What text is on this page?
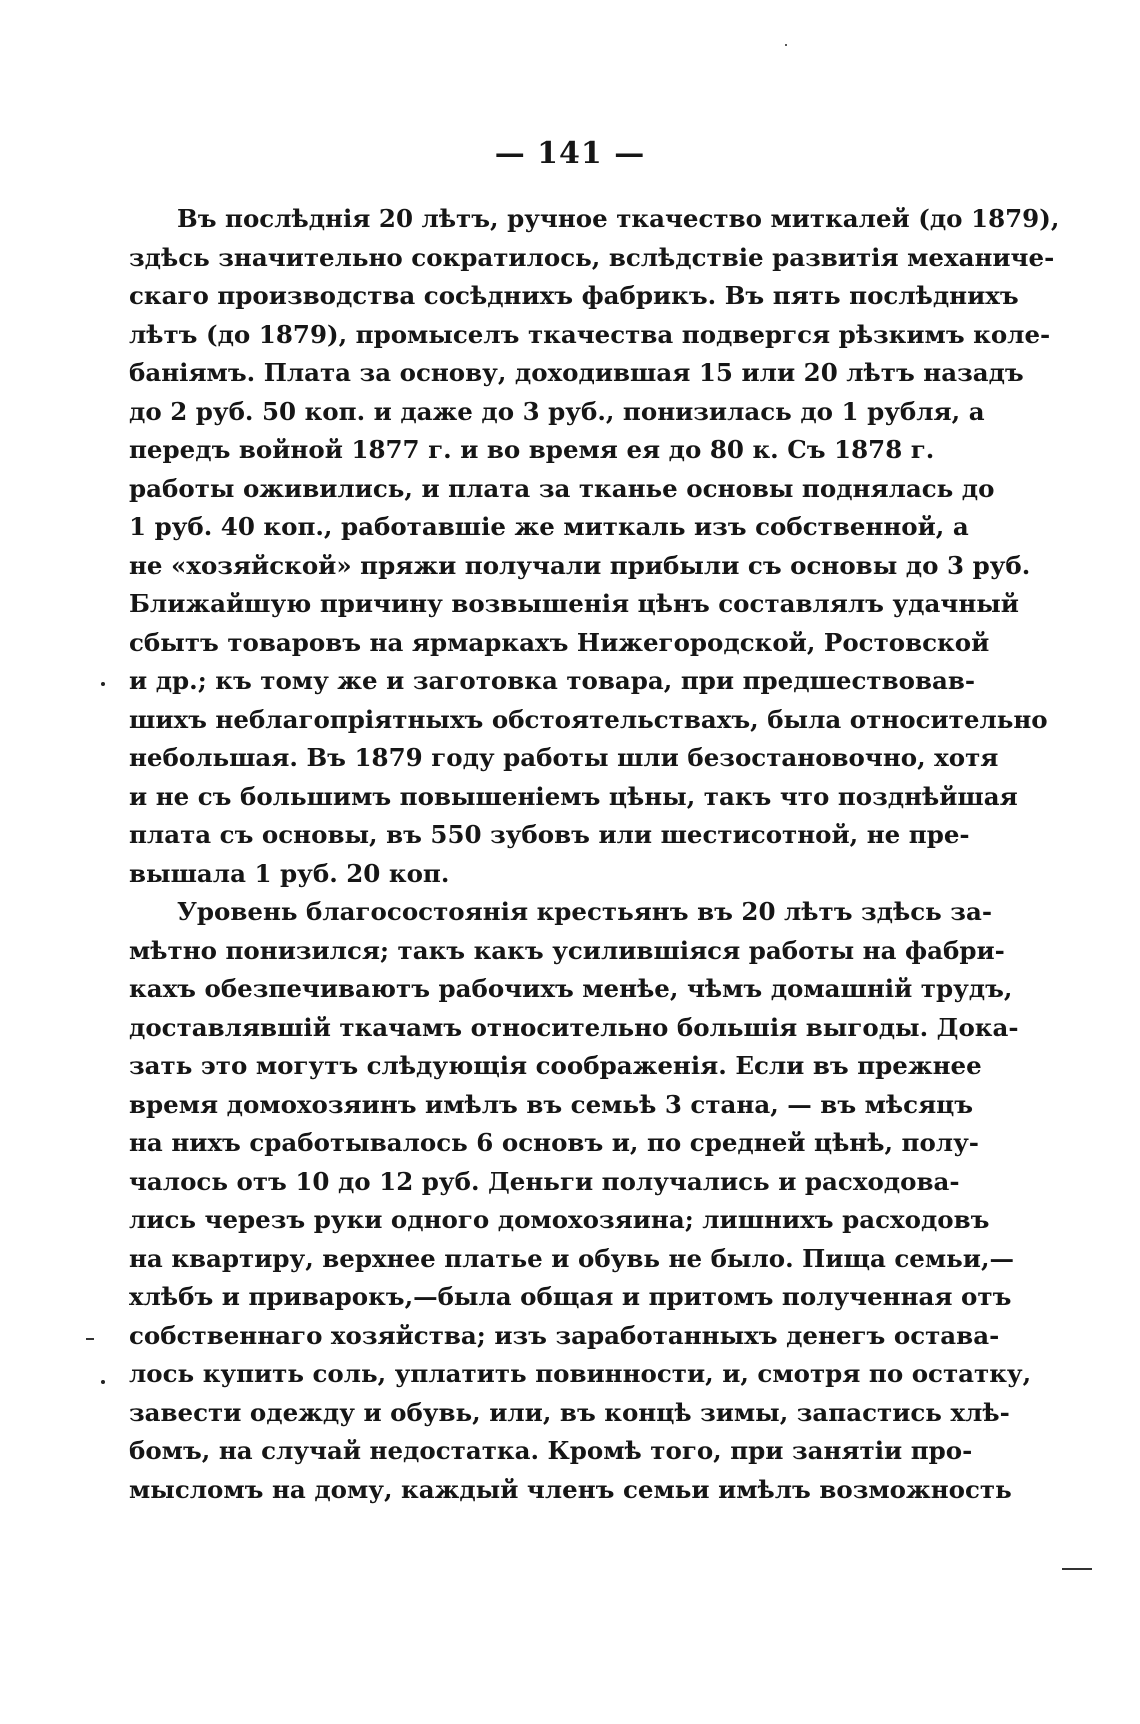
— 141 —
Въ послѣднія 20 лѣтъ, ручное ткачество миткалей (до 1879),
здѣсь значительно сократилось, вслѣдствіе развитія механиче-
скаго производства сосѣднихъ фабрикъ. Въ пять послѣднихъ
лѣтъ (до 1879), промыселъ ткачества подвергся рѣзкимъ коле-
баніямъ. Плата за основу, доходившая 15 или 20 лѣтъ назадъ
до 2 руб. 50 коп. и даже до 3 руб., понизилась до 1 рубля, а
передъ войной 1877 г. и во время ея до 80 к. Съ 1878 г.
работы оживились, и плата за тканье основы поднялась до
1 руб. 40 коп., работавшіе же миткаль изъ собственной, а
не «хозяйской» пряжи получали прибыли съ основы до 3 руб.
Ближайшую причину возвышенія цѣнъ составлялъ удачный
сбытъ товаровъ на ярмаркахъ Нижегородской, Ростовской
и др.; къ тому же и заготовка товара, при предшествовав-
шихъ неблагопріятныхъ обстоятельствахъ, была относительно
небольшая. Въ 1879 году работы шли безостановочно, хотя
и не съ большимъ повышеніемъ цѣны, такъ что позднѣйшая
плата съ основы, въ 550 зубовъ или шестисотной, не пре-
вышала 1 руб. 20 коп.
Уровень благосостоянія крестьянъ въ 20 лѣтъ здѣсь за-
мѣтно понизился; такъ какъ усилившіяся работы на фабри-
кахъ обезпечиваютъ рабочихъ менѣе, чѣмъ домашній трудъ,
доставлявшій ткачамъ относительно большія выгоды. Дока-
зать это могутъ слѣдующія соображенія. Если въ прежнее
время домохозяинъ имѣлъ въ семьѣ 3 стана, — въ мѣсяцъ
на нихъ сработывалось 6 основъ и, по средней цѣнѣ, полу-
чалось отъ 10 до 12 руб. Деньги получались и расходова-
лись черезъ руки одного домохозяина; лишнихъ расходовъ
на квартиру, верхнее платье и обувь не было. Пища семьи,—
хлѣбъ и приварокъ,—была общая и притомъ полученная отъ
собственнаго хозяйства; изъ заработанныхъ денегъ остава-
лось купить соль, уплатить повинности, и, смотря по остатку,
завести одежду и обувь, или, въ концѣ зимы, запастись хлѣ-
бомъ, на случай недостатка. Кромѣ того, при занятіи про-
мысломъ на дому, каждый членъ семьи имѣлъ возможность
